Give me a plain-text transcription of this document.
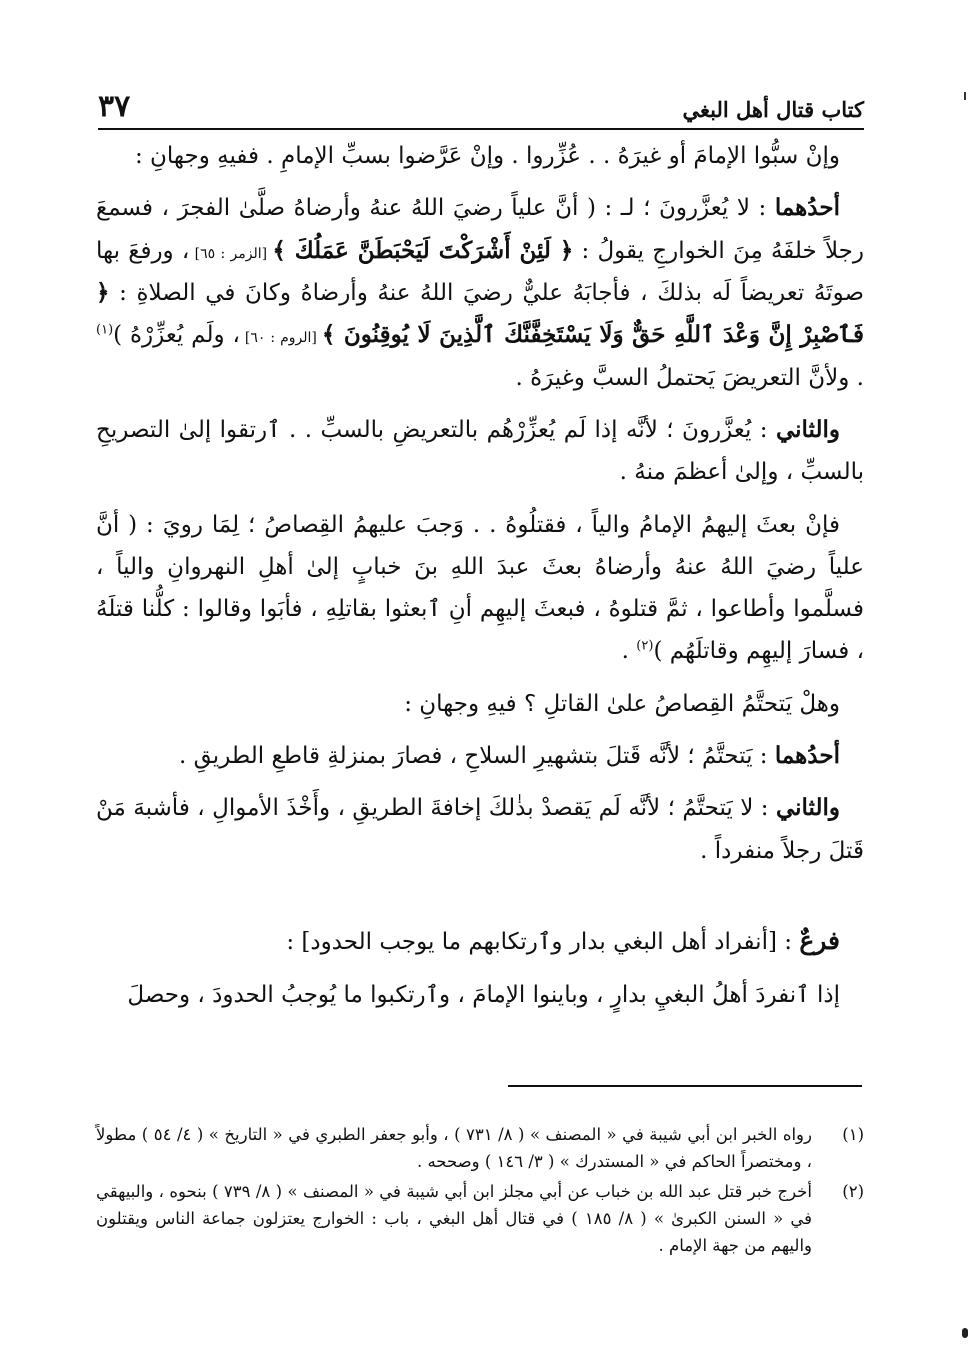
كتاب قتال أهل البغي
٣٧

وإنْ سبُّوا الإمامَ أو غيرَهُ . . عُزِّروا . وإنْ عَرَّضوا بسبِّ الإمامِ . ففيهِ وجهانِ :

أحدُهما : لا يُعزَّرونَ ؛ لـ : ( أنَّ علياً رضيَ اللهُ عنهُ وأرضاهُ صلَّىٰ الفجرَ ، فسمعَ رجلاً خلفَهُ مِنَ الخوارجِ يقولُ : ﴿ لَئِنْ أَشْرَكْتَ لَيَحْبَطَنَّ عَمَلُكَ ﴾ [الزمر : ٦٥] ، ورفعَ بها صوتَهُ تعريضاً لَه بذلكَ ، فأجابَهُ عليٌّ رضيَ اللهُ عنهُ وأرضاهُ وكانَ في الصلاةِ : ﴿ فَٱصْبِرْ إِنَّ وَعْدَ ٱللَّهِ حَقٌّ وَلَا يَسْتَخِفَّنَّكَ ٱلَّذِينَ لَا يُوقِنُونَ ﴾ [الروم : ٦٠] ، ولَم يُعزِّرْهُ )$^{(١)}$ . ولأنَّ التعريضَ يَحتملُ السبَّ وغيرَهُ .

والثاني : يُعزَّرونَ ؛ لأنَّه إذا لَم يُعزِّرْهُم بالتعريضِ بالسبِّ . . ٱرتقوا إلىٰ التصريحِ بالسبِّ ، وإلىٰ أعظمَ منهُ .

فإنْ بعثَ إليهمُ الإمامُ والياً ، فقتلُوهُ . . وَجبَ عليهمُ القِصاصُ ؛ لِمَا رويَ : ( أنَّ علياً رضيَ اللهُ عنهُ وأرضاهُ بعثَ عبدَ اللهِ بنَ خبابٍ إلىٰ أهلِ النهروانِ والياً ، فسلَّموا وأطاعوا ، ثمَّ قتلوهُ ، فبعثَ إليهِم أنِ ٱبعثوا بقاتلِهِ ، فأبَوا وقالوا : كلُّنا قتلَهُ ، فسارَ إليهِم وقاتلَهُم )$^{(٢)}$ .

وهلْ يَتحتَّمُ القِصاصُ علىٰ القاتلِ ؟ فيهِ وجهانِ :

أحدُهما : يَتحتَّمُ ؛ لأنَّه قَتلَ بتشهيرِ السلاحِ ، فصارَ بمنزلةِ قاطعِ الطريقِ .

والثاني : لا يَتحتَّمُ ؛ لأنَّه لَم يَقصدْ بذٰلكَ إخافةَ الطريقِ ، وأَخْذَ الأموالِ ، فأشبهَ مَنْ قَتلَ رجلاً منفرداً .

فرعٌ : [أنفراد أهل البغي بدار وٱرتكابهم ما يوجب الحدود] :

إذا ٱنفردَ أهلُ البغيِ بدارٍ ، وباينوا الإمامَ ، وٱرتكبوا ما يُوجبُ الحدودَ ، وحصلَ

(١)
رواه الخبر ابن أبي شيبة في « المصنف » ( ٨/ ٧٣١ ) ، وأبو جعفر الطبري في « التاريخ » ( ٤/ ٥٤ ) مطولاً ، ومختصراً الحاكم في « المستدرك » ( ٣/ ١٤٦ ) وصححه .
(٢)
أخرج خبر قتل عبد الله بن خباب عن أبي مجلز ابن أبي شيبة في « المصنف » ( ٨/ ٧٣٩ ) بنحوه ، والبيهقي في « السنن الكبرىٰ » ( ٨/ ١٨٥ ) في قتال أهل البغي ، باب : الخوارج يعتزلون جماعة الناس ويقتلون واليهم من جهة الإمام .
